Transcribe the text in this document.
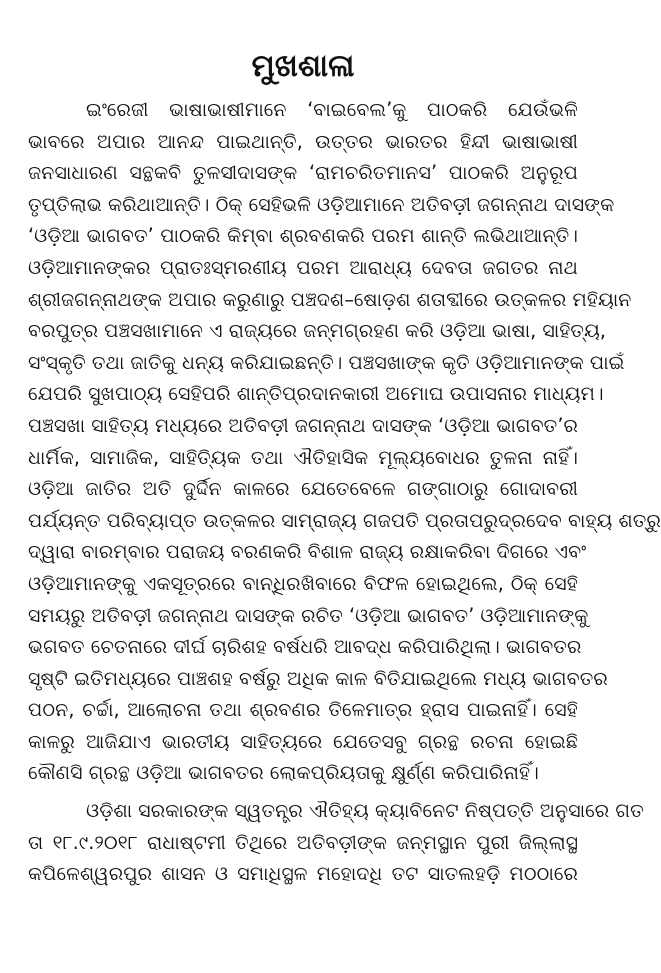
ମୁଖଶାଳା
ଇଂରେଜୀ ଭାଷାଭାଷୀମାନେ ‘ବାଇବେଲ’କୁ ପାଠକରି ଯେଉଁଭଳି
ଭାବରେ ଅପାର ଆନନ୍ଦ ପାଇଥାନ୍ତି, ଉତ୍ତର ଭାରତର ହିନ୍ଦୀ ଭାଷାଭାଷୀ
ଜନସାଧାରଣ ସନ୍ଥକବି ତୁଳସୀଦାସଙ୍କ ‘ରାମଚରିତମାନସ’ ପାଠକରି ଅନୁରୂପ
ତୃପ୍ତିଲାଭ କରିଥାଆନ୍ତି। ଠିକ୍ ସେହିଭଳି ଓଡ଼ିଆମାନେ ଅତିବଡ଼ୀ ଜଗନ୍ନାଥ ଦାସଙ୍କ
‘ଓଡ଼ିଆ ଭାଗବତ’ ପାଠକରି କିମ୍ବା ଶ୍ରବଣକରି ପରମ ଶାନ୍ତି ଲଭିଥାଆନ୍ତି।
ଓଡ଼ିଆମାନଙ୍କର ପ୍ରାତଃସ୍ମରଣୀୟ ପରମ ଆରାଧ୍ୟ ଦେବତା ଜଗତର ନାଥ
ଶ୍ରୀଜଗନ୍ନାଥଙ୍କ ଅପାର କରୁଣାରୁ ପଞ୍ଚଦଶ–ଷୋଡ଼ଶ ଶତାବ୍ଦୀରେ ଉତ୍କଳର ମହିୟାନ
ବରପୁତ୍ର ପଞ୍ଚସଖାମାନେ ଏ ରାଜ୍ୟରେ ଜନ୍ମଗ୍ରହଣ କରି ଓଡ଼ିଆ ଭାଷା, ସାହିତ୍ୟ,
ସଂସ୍କୃତି ତଥା ଜାତିକୁ ଧନ୍ୟ କରିଯାଇଛନ୍ତି। ପଞ୍ଚସଖାଙ୍କ କୃତି ଓଡ଼ିଆମାନଙ୍କ ପାଇଁ
ଯେପରି ସୁଖପାଠ୍ୟ ସେହିପରି ଶାନ୍ତିପ୍ରଦାନକାରୀ ଅମୋଘ ଉପାସନାର ମାଧ୍ୟମ।
ପଞ୍ଚସଖା ସାହିତ୍ୟ ମଧ୍ୟରେ ଅତିବଡ଼ୀ ଜଗନ୍ନାଥ ଦାସଙ୍କ ‘ଓଡ଼ିଆ ଭାଗବତ’ର
ଧାର୍ମିକ, ସାମାଜିକ, ସାହିତ୍ୟିକ ତଥା ଐତିହାସିକ ମୂଲ୍ୟବୋଧର ତୁଳନା ନାହିଁ।
ଓଡ଼ିଆ ଜାତିର ଅତି ଦୁର୍ଦ୍ଦିନ କାଳରେ ଯେତେବେଳେ ଗଙ୍ଗାଠାରୁ ଗୋଦାବରୀ
ପର୍ଯ୍ୟନ୍ତ ପରିବ୍ୟାପ୍ତ ଉତ୍କଳର ସାମ୍ରାଜ୍ୟ ଗଜପତି ପ୍ରତାପରୁଦ୍ରଦେବ ବାହ୍ୟ ଶତ୍ରୁ
ଦ୍ୱାରା ବାରମ୍ବାର ପରାଜୟ ବରଣକରି ବିଶାଳ ରାଜ୍ୟ ରକ୍ଷାକରିବା ଦିଗରେ ଏବଂ
ଓଡ଼ିଆମାନଙ୍କୁ ଏକସୂତ୍ରରେ ବାନ୍ଧିରଖିବାରେ ବିଫଳ ହୋଇଥିଲେ, ଠିକ୍ ସେହି
ସମୟରୁ ଅତିବଡ଼ୀ ଜଗନ୍ନାଥ ଦାସଙ୍କ ରଚିତ ‘ଓଡ଼ିଆ ଭାଗବତ’ ଓଡ଼ିଆମାନଙ୍କୁ
ଭଗବତ ଚେତନାରେ ଦୀର୍ଘ ଚାରିଶହ ବର୍ଷଧରି ଆବଦ୍ଧ କରିପାରିଥିଲା। ଭାଗବତର
ସୃଷ୍ଟି ଇତିମଧ୍ୟରେ ପାଞ୍ଚଶହ ବର୍ଷରୁ ଅଧିକ କାଳ ବିତିଯାଇଥିଲେ ମଧ୍ୟ ଭାଗବତର
ପଠନ, ଚର୍ଚ୍ଚା, ଆଲୋଚନା ତଥା ଶ୍ରବଣର ତିଳେମାତ୍ର ହ୍ରାସ ପାଇନାହିଁ। ସେହି
କାଳରୁ ଆଜିଯାଏ ଭାରତୀୟ ସାହିତ୍ୟରେ ଯେତେସବୁ ଗ୍ରନ୍ଥ ରଚନା ହୋଇଛି
କୌଣସି ଗ୍ରନ୍ଥ ଓଡ଼ିଆ ଭାଗବତର ଲୋକପ୍ରିୟତାକୁ କ୍ଷୁର୍ଣ୍ଣ କରିପାରିନାହିଁ।
ଓଡ଼ିଶା ସରକାରଙ୍କ ସ୍ୱତନ୍ତ୍ର ଐତିହ୍ୟ କ୍ୟାବିନେଟ ନିଷ୍ପତ୍ତି ଅନୁସାରେ ଗତ
ତା ୧୮.୯.୨୦୧୮ ରାଧାଷ୍ଟମୀ ତିଥିରେ ଅତିବଡ଼ୀଙ୍କ ଜନ୍ମସ୍ଥାନ ପୁରୀ ଜିଲ୍ଲାସ୍ଥ
କପିଳେଶ୍ୱରପୁର ଶାସନ ଓ ସମାଧିସ୍ଥଳ ମହୋଦଧି ତଟ ସାତଲହଡ଼ି ମଠଠାରେ
